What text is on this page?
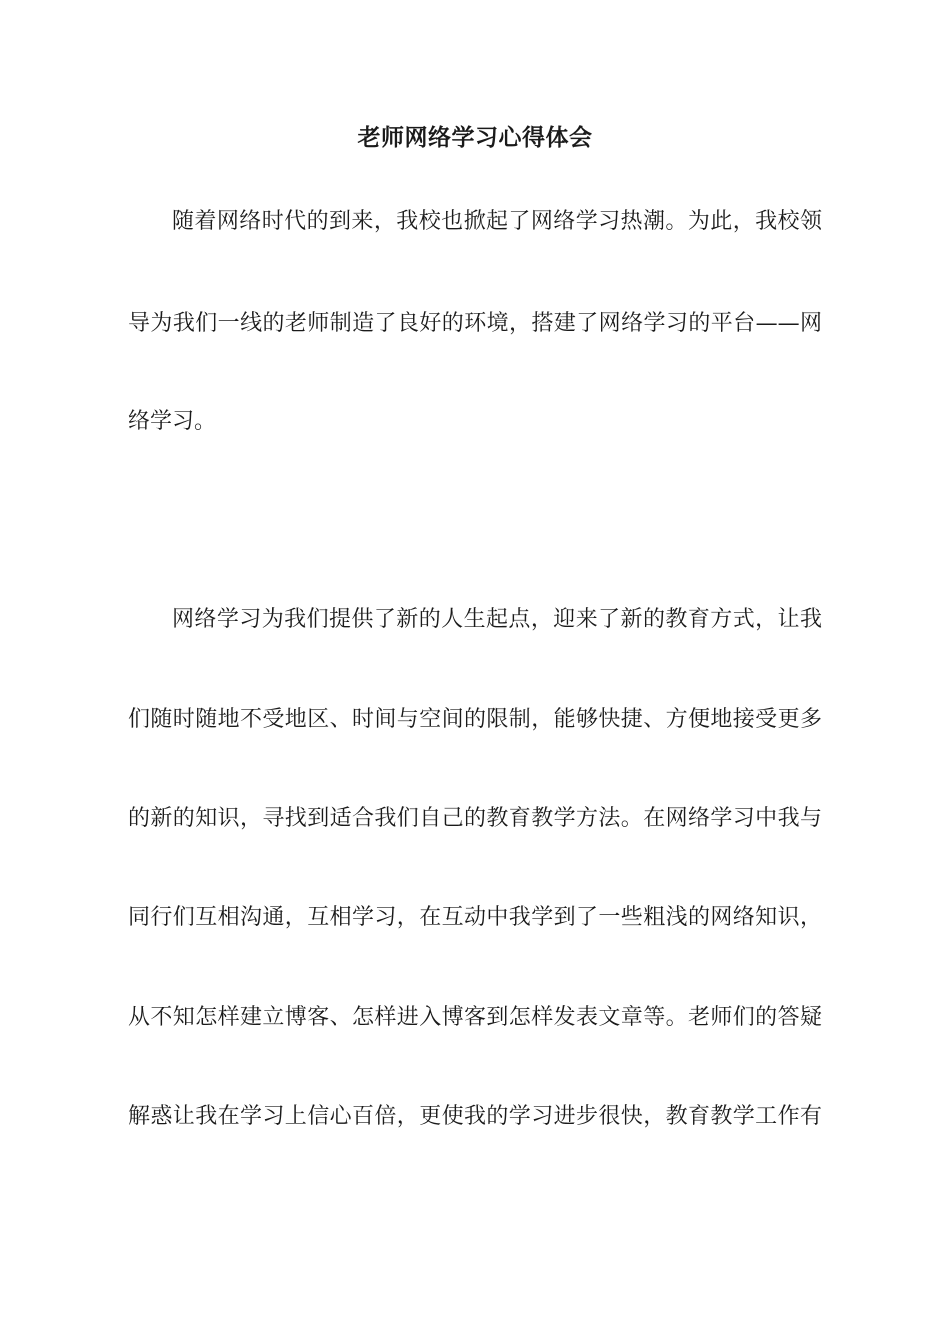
老师网络学习心得体会

随着网络时代的到来，我校也掀起了网络学习热潮。为此，我校领

导为我们一线的老师制造了良好的环境，搭建了网络学习的平台——网

络学习。

网络学习为我们提供了新的人生起点，迎来了新的教育方式，让我

们随时随地不受地区、时间与空间的限制，能够快捷、方便地接受更多

的新的知识，寻找到适合我们自己的教育教学方法。在网络学习中我与

同行们互相沟通，互相学习，在互动中我学到了一些粗浅的网络知识，

从不知怎样建立博客、怎样进入博客到怎样发表文章等。老师们的答疑

解惑让我在学习上信心百倍，更使我的学习进步很快，教育教学工作有
